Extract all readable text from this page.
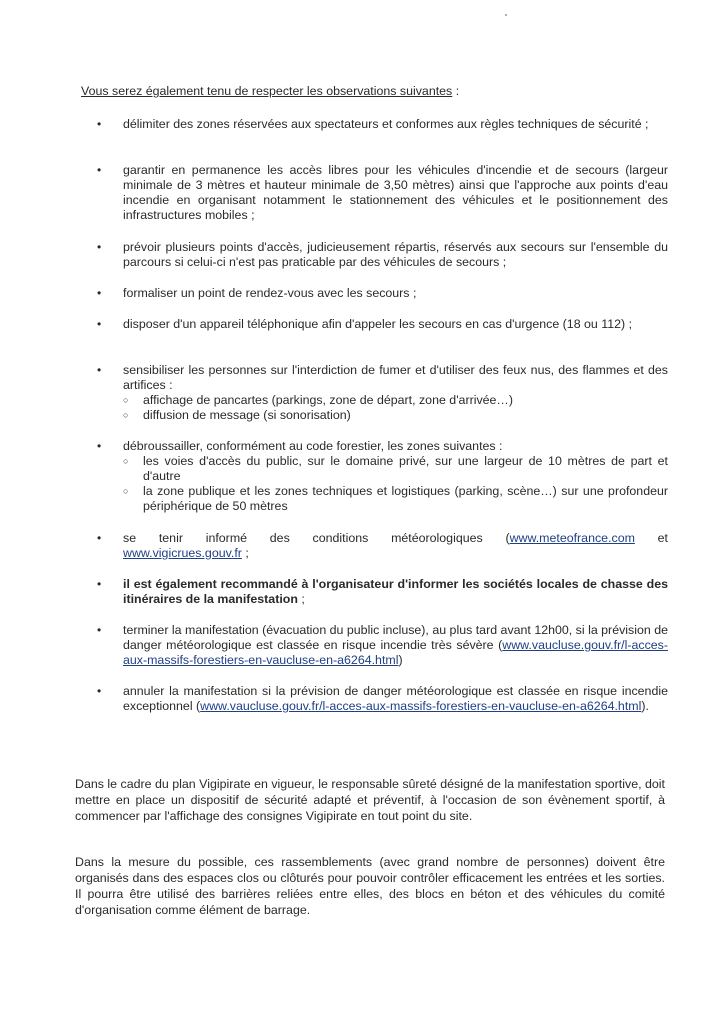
Vous serez également tenu de respecter les observations suivantes :
• délimiter des zones réservées aux spectateurs et conformes aux règles techniques de sécurité ;
• garantir en permanence les accès libres pour les véhicules d'incendie et de secours (largeur minimale de 3 mètres et hauteur minimale de 3,50 mètres) ainsi que l'approche aux points d'eau incendie en organisant notamment le stationnement des véhicules et le positionnement des infrastructures mobiles ;
• prévoir plusieurs points d'accès, judicieusement répartis, réservés aux secours sur l'ensemble du parcours si celui-ci n'est pas praticable par des véhicules de secours ;
• formaliser un point de rendez-vous avec les secours ;
• disposer d'un appareil téléphonique afin d'appeler les secours en cas d'urgence (18 ou 112) ;
• sensibiliser les personnes sur l'interdiction de fumer et d'utiliser des feux nus, des flammes et des artifices :
○ affichage de pancartes (parkings, zone de départ, zone d'arrivée…)
○ diffusion de message (si sonorisation)
• débroussailler, conformément au code forestier, les zones suivantes :
○ les voies d'accès du public, sur le domaine privé, sur une largeur de 10 mètres de part et d'autre
○ la zone publique et les zones techniques et logistiques (parking, scène…) sur une profondeur périphérique de 50 mètres
• se tenir informé des conditions météorologiques (www.meteofrance.com et
www.vigicrues.gouv.fr ;
• il est également recommandé à l'organisateur d'informer les sociétés locales de chasse des itinéraires de la manifestation ;
• terminer la manifestation (évacuation du public incluse), au plus tard avant 12h00, si la prévision de danger météorologique est classée en risque incendie très sévère (www.vaucluse.gouv.fr/l-acces-aux-massifs-forestiers-en-vaucluse-en-a6264.html)
• annuler la manifestation si la prévision de danger météorologique est classée en risque incendie exceptionnel (www.vaucluse.gouv.fr/l-acces-aux-massifs-forestiers-en-vaucluse-en-a6264.html).
Dans le cadre du plan Vigipirate en vigueur, le responsable sûreté désigné de la manifestation sportive, doit mettre en place un dispositif de sécurité adapté et préventif, à l'occasion de son évènement sportif, à commencer par l'affichage des consignes Vigipirate en tout point du site.
Dans la mesure du possible, ces rassemblements (avec grand nombre de personnes) doivent être organisés dans des espaces clos ou clôturés pour pouvoir contrôler efficacement les entrées et les sorties. Il pourra être utilisé des barrières reliées entre elles, des blocs en béton et des véhicules du comité d'organisation comme élément de barrage.
